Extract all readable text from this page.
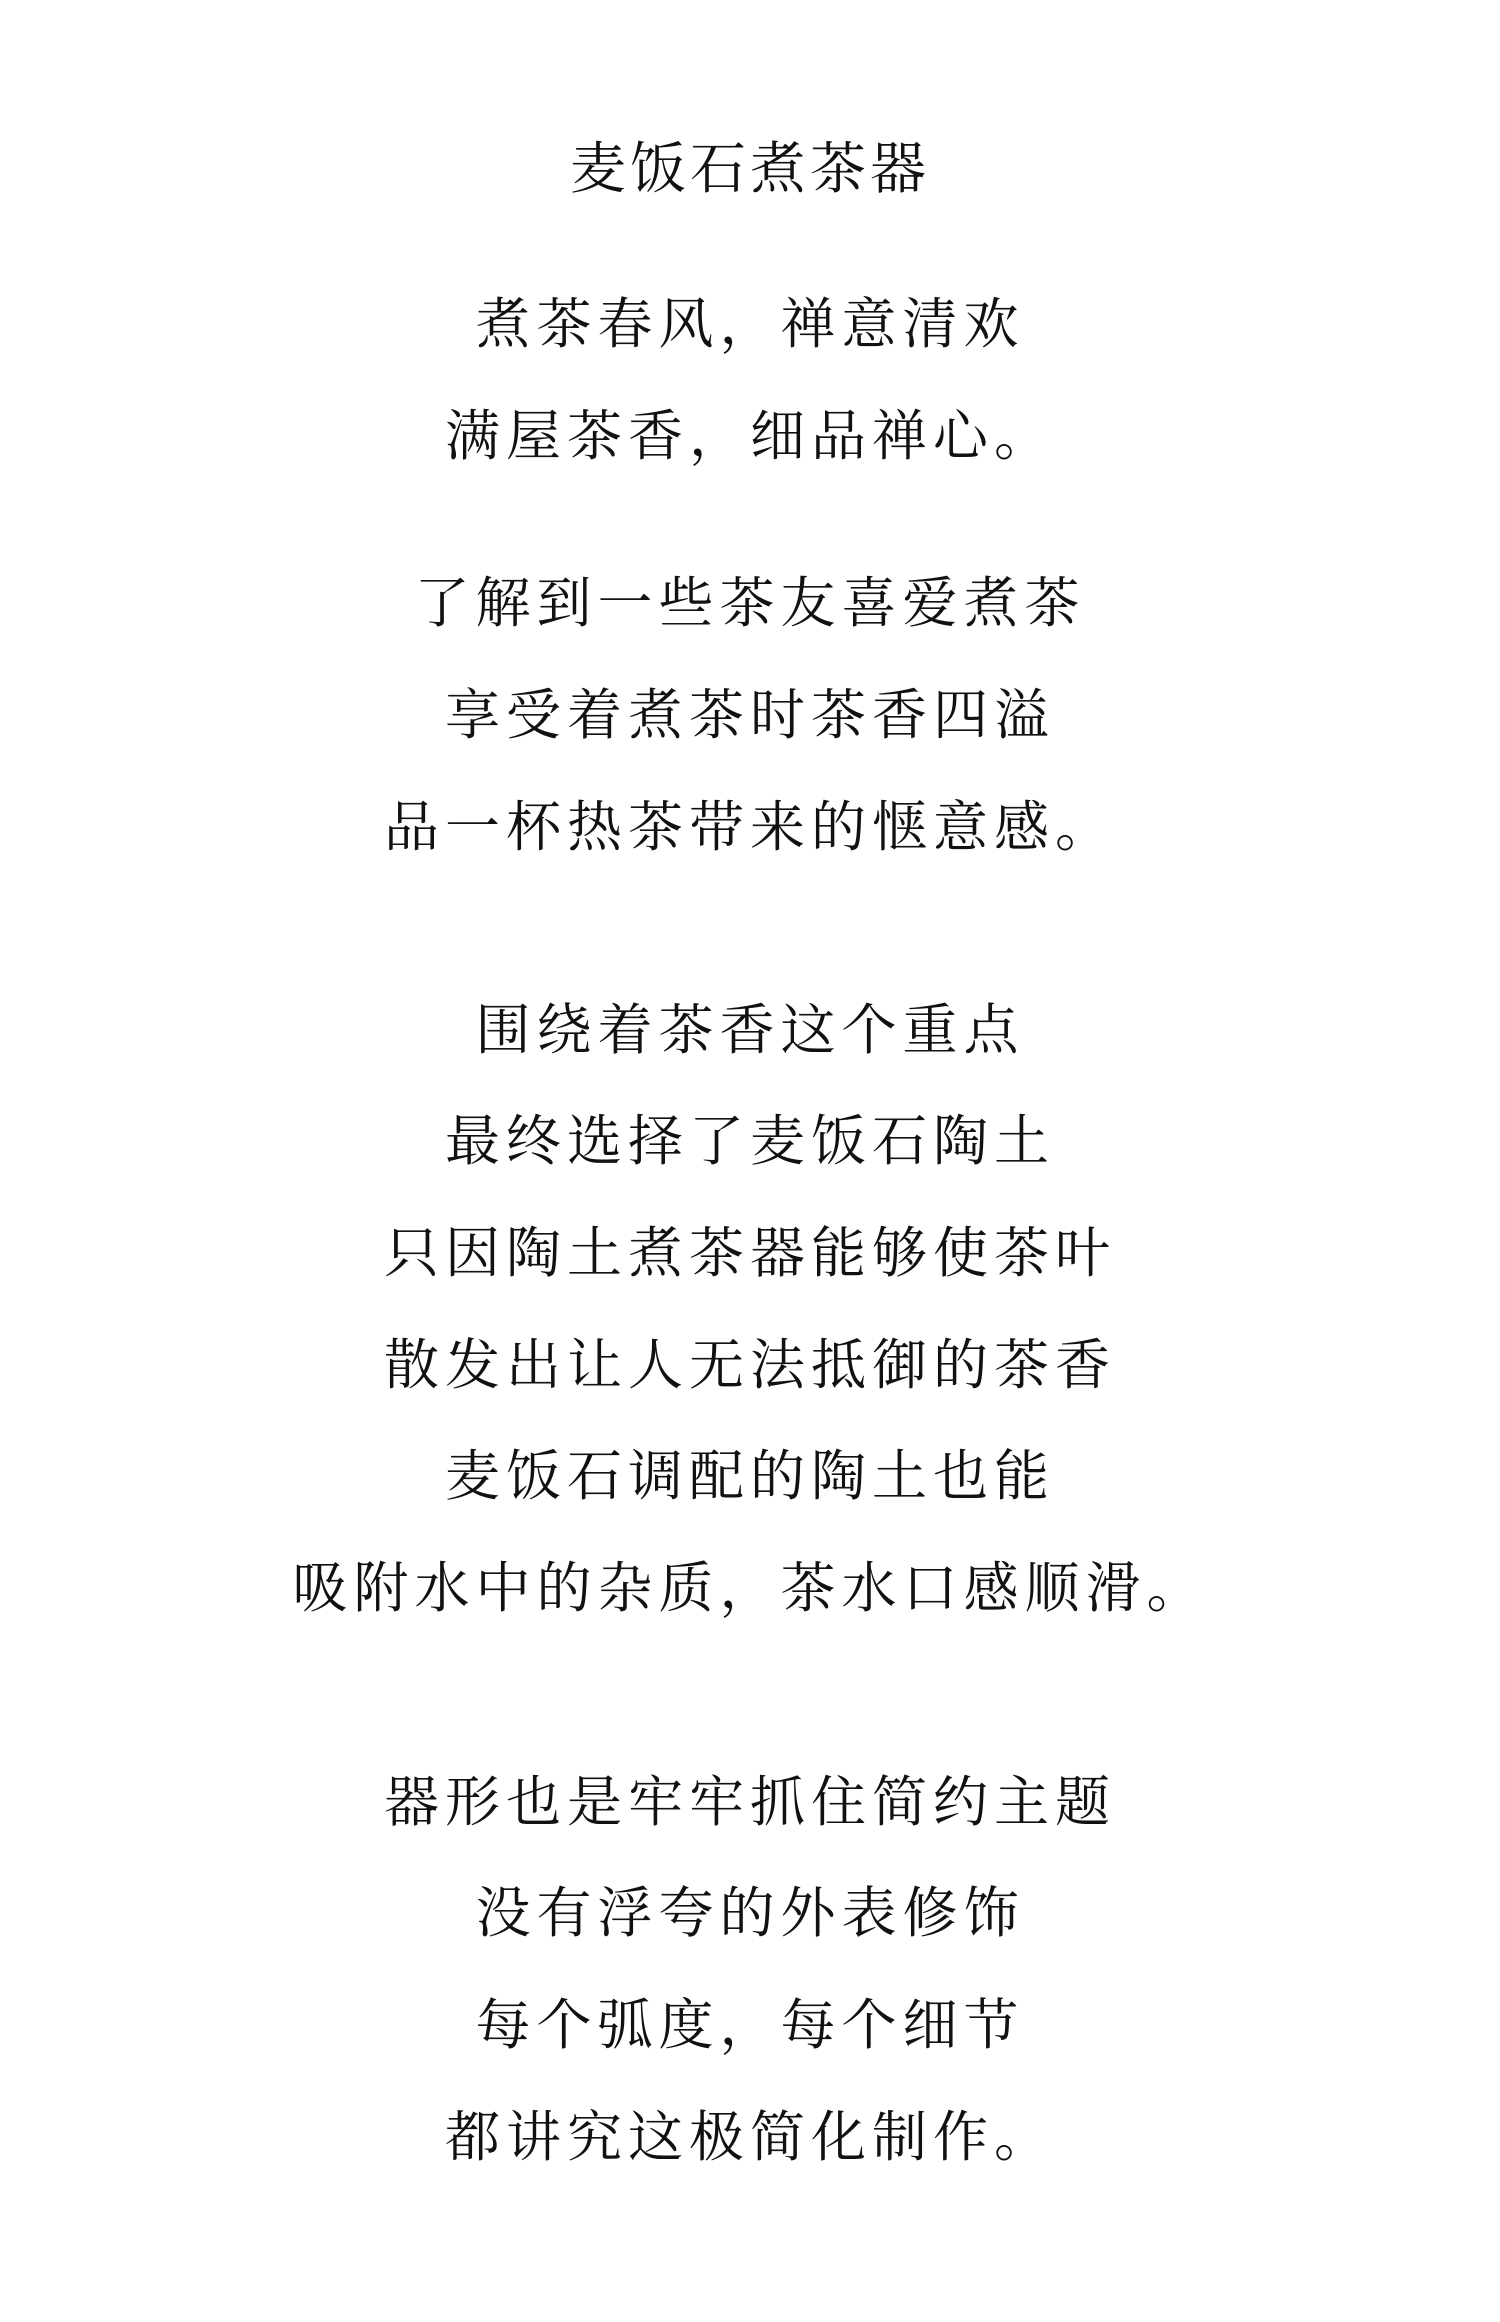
麦饭石煮茶器

煮茶春风，禅意清欢

满屋茶香，细品禅心。

了解到一些茶友喜爱煮茶

享受着煮茶时茶香四溢

品一杯热茶带来的惬意感。

围绕着茶香这个重点

最终选择了麦饭石陶土

只因陶土煮茶器能够使茶叶

散发出让人无法抵御的茶香

麦饭石调配的陶土也能

吸附水中的杂质，茶水口感顺滑。

器形也是牢牢抓住简约主题

没有浮夸的外表修饰

每个弧度，每个细节

都讲究这极简化制作。
